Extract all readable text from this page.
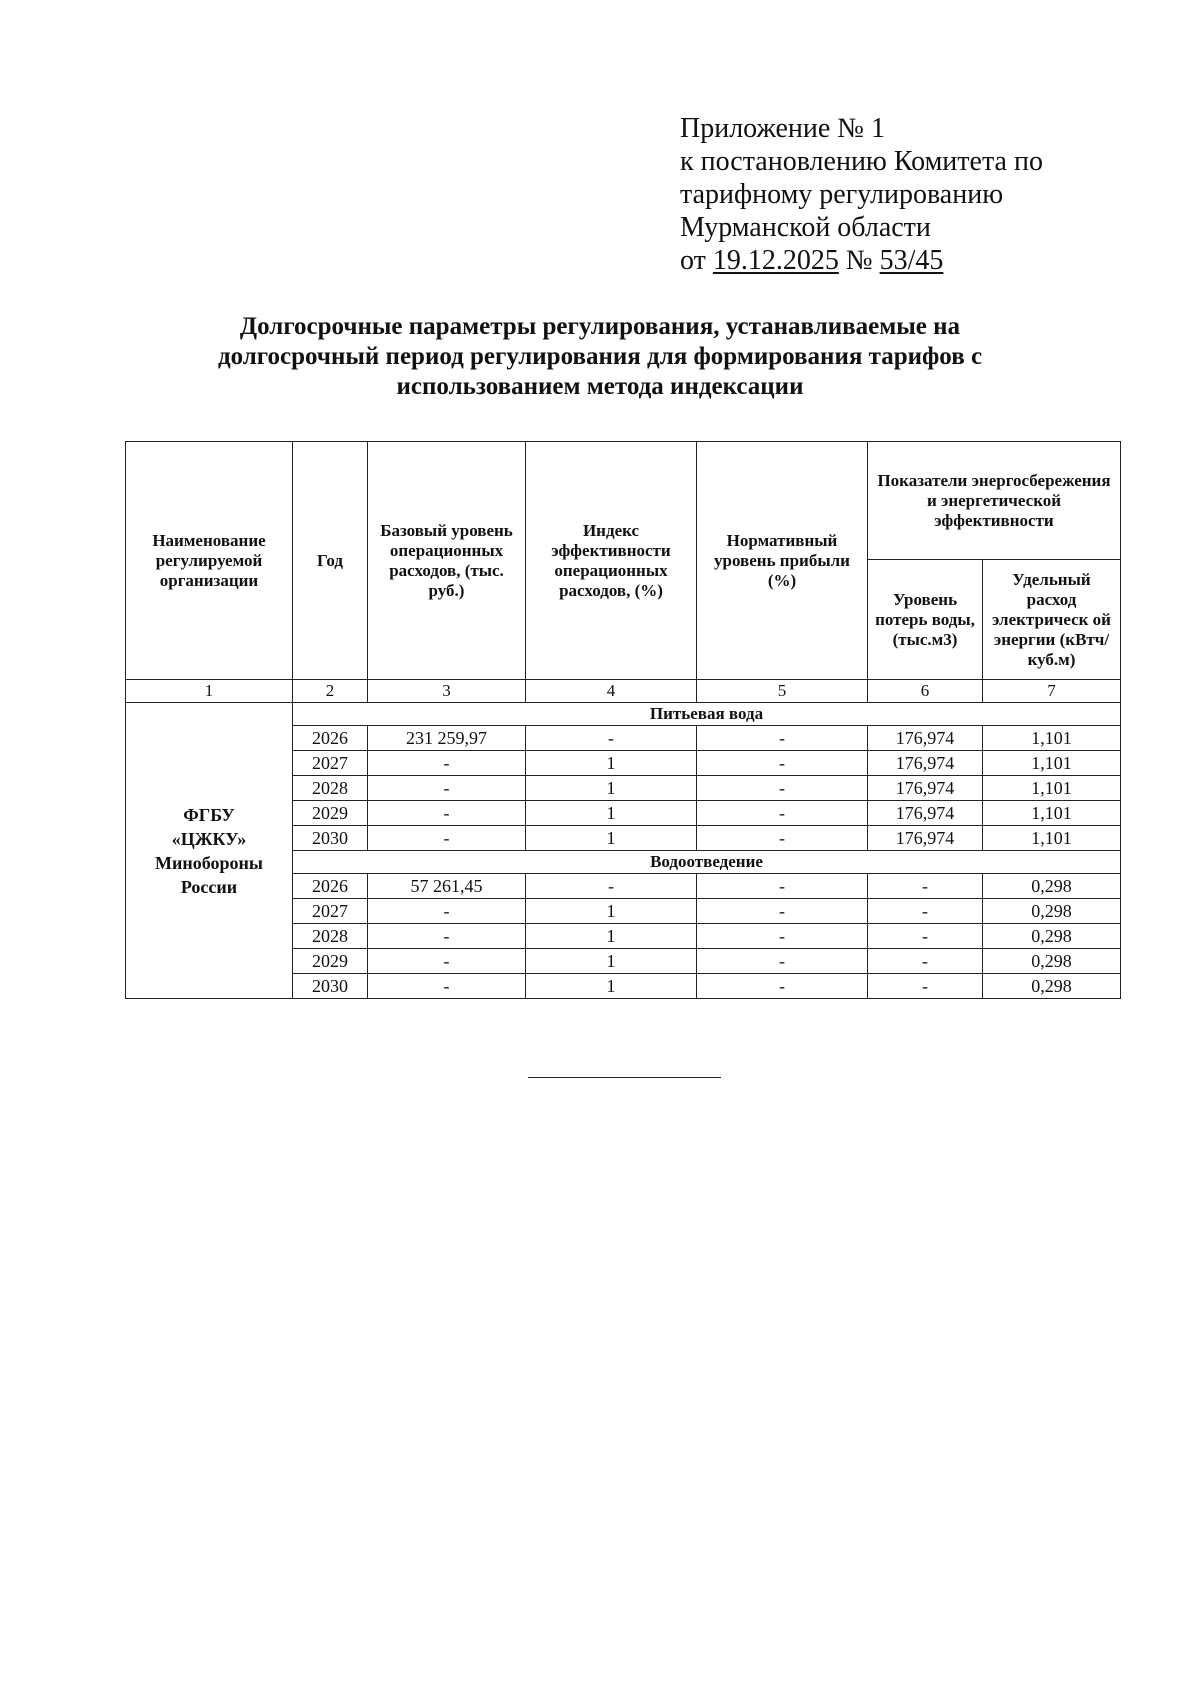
Приложение № 1
к постановлению Комитета по
тарифному регулированию
Мурманской области
от 19.12.2025 № 53/45
Долгосрочные параметры регулирования, устанавливаемые на
долгосрочный период регулирования для формирования тарифов с
использованием метода индексации
Наименование регулируемой организации	Год	Базовый уровень операционных расходов, (тыс. руб.)	Индекс эффективности операционных расходов, (%)	Нормативный уровень прибыли (%)	Показатели энергосбережения и энергетической эффективности	
					Уровень потерь воды, (тыс.м3)	Удельный расход электрическ ой энергии (кВтч/куб.м)
1	2	3	4	5	6	7

ФГБУ
«ЦЖКУ»
Минобороны
России	Питьевая вода					
	2026	231 259,97	-	-	176,974	1,101
	2027	-	1	-	176,974	1,101
	2028	-	1	-	176,974	1,101
	2029	-	1	-	176,974	1,101
	2030	-	1	-	176,974	1,101
	Водоотведение					
	2026	57 261,45	-	-	-	0,298
	2027	-	1	-	-	0,298
	2028	-	1	-	-	0,298
	2029	-	1	-	-	0,298
	2030	-	1	-	-	0,298
